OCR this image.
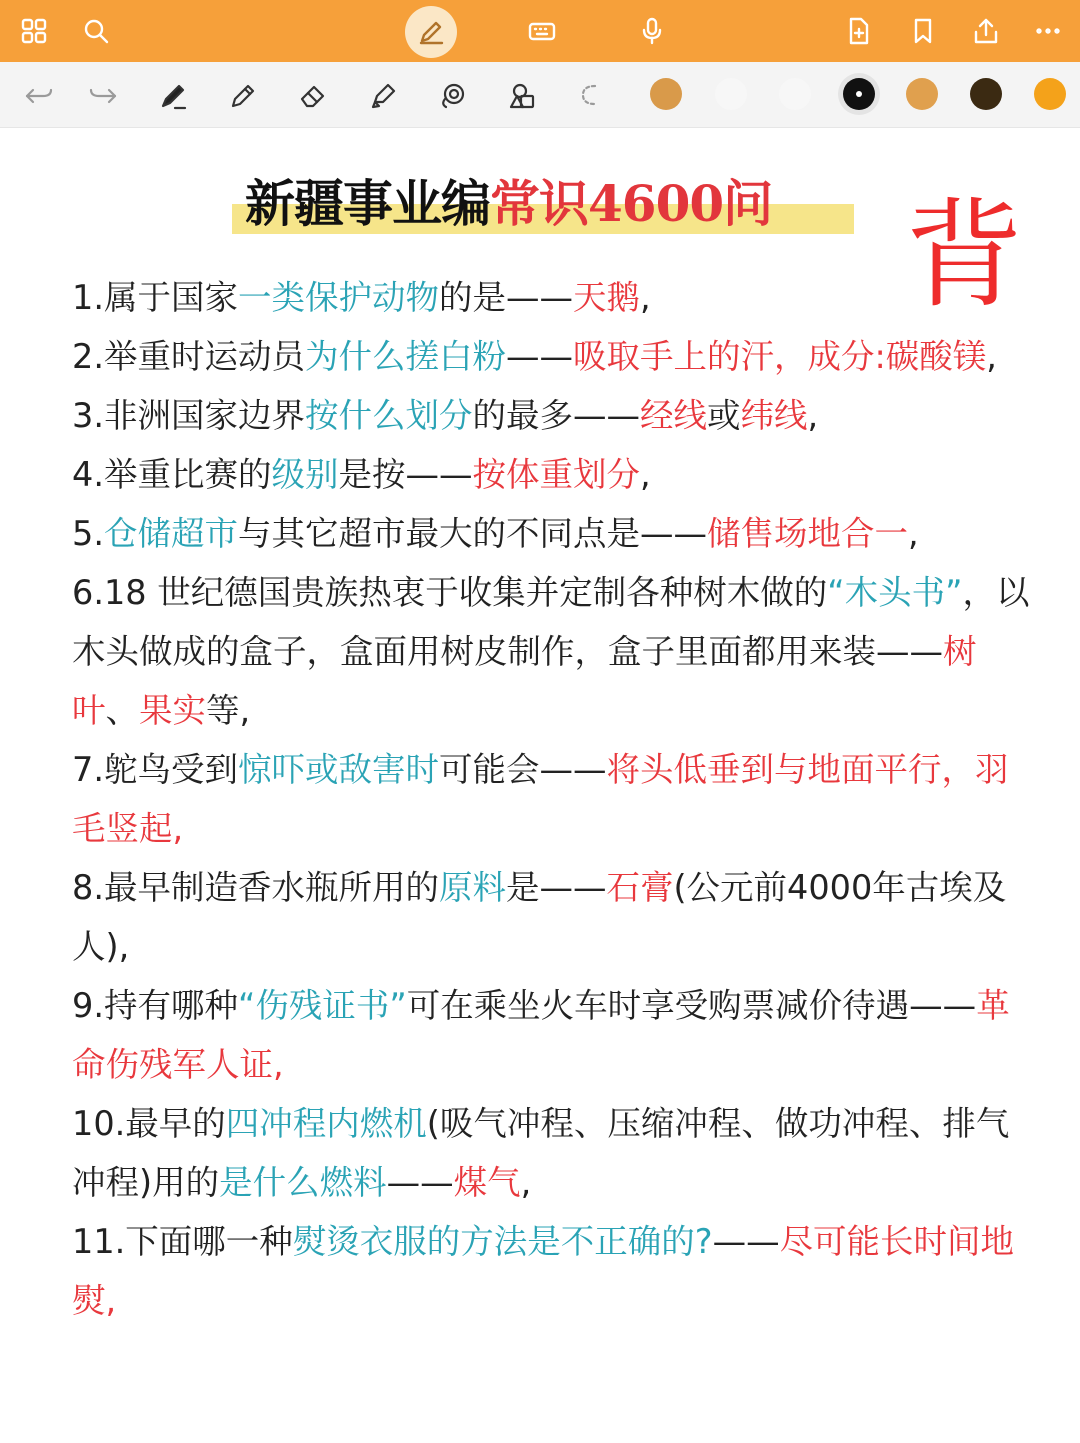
新疆事业编常识4600问 背

1.属于国家一类保护动物的是——天鹅,

2.举重时运动员为什么搓白粉——吸取手上的汗，成分:碳酸镁,

3.非洲国家边界按什么划分的最多——经线或纬线,

4.举重比赛的级别是按——按体重划分,

5.仓储超市与其它超市最大的不同点是——储售场地合一,

6.18 世纪德国贵族热衷于收集并定制各种树木做的“木头书”，以木头做成的盒子，盒面用树皮制作，盒子里面都用来装——树叶、果实等,

7.鸵鸟受到惊吓或敌害时可能会——将头低垂到与地面平行，羽毛竖起,

8.最早制造香水瓶所用的原料是——石膏(公元前4000年古埃及人),

9.持有哪种“伤残证书”可在乘坐火车时享受购票减价待遇——革命伤残军人证,

10.最早的四冲程内燃机(吸气冲程、压缩冲程、做功冲程、排气冲程)用的是什么燃料——煤气,

11.下面哪一种熨烫衣服的方法是不正确的?——尽可能长时间地熨,
